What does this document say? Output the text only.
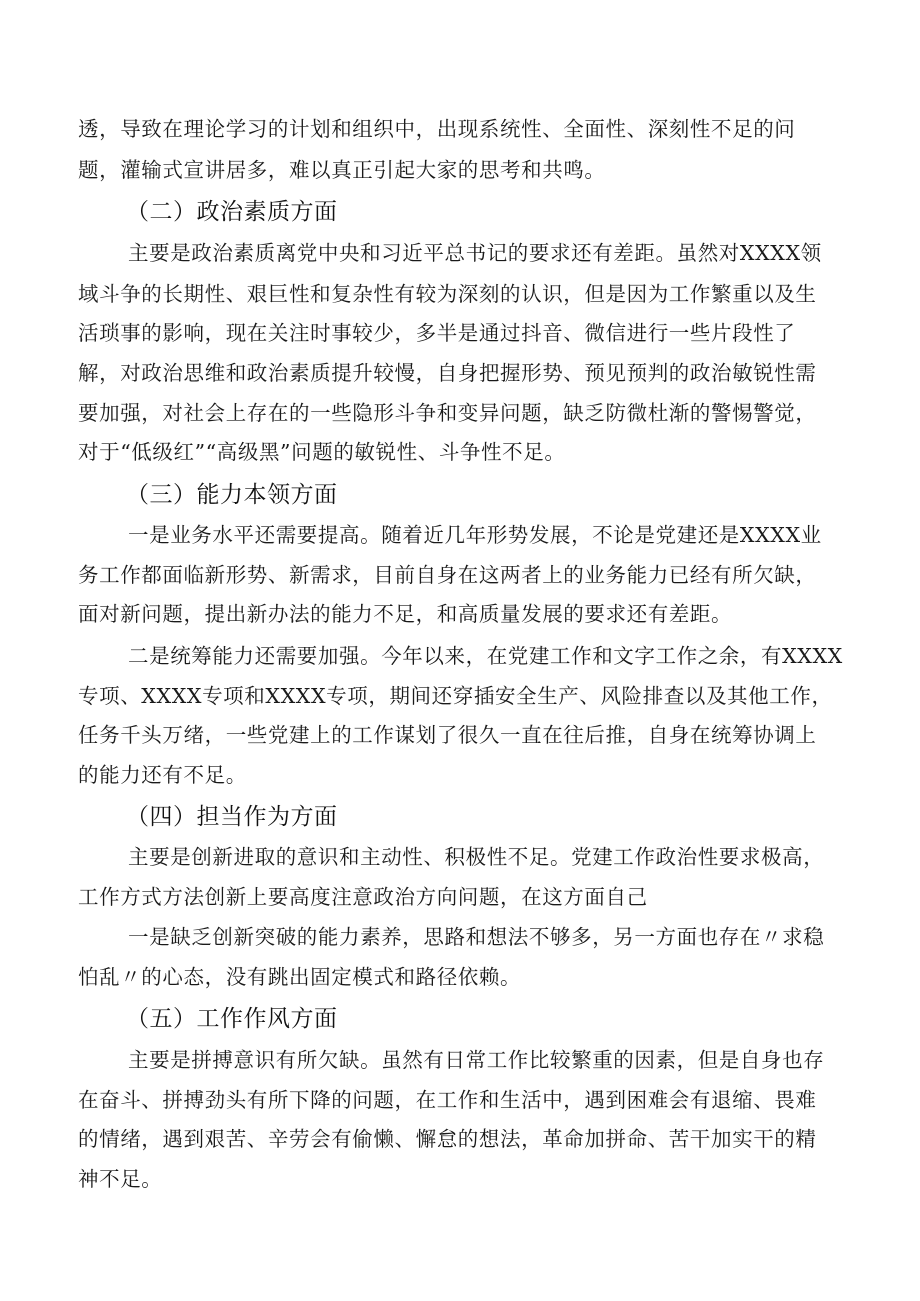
透，导致在理论学习的计划和组织中，出现系统性、全面性、深刻性不足的问
题，灌输式宣讲居多，难以真正引起大家的思考和共鸣。
（二）政治素质方面
主要是政治素质离党中央和习近平总书记的要求还有差距。虽然对XXXX领
域斗争的长期性、艰巨性和复杂性有较为深刻的认识，但是因为工作繁重以及生
活琐事的影响，现在关注时事较少，多半是通过抖音、微信进行一些片段性了
解，对政治思维和政治素质提升较慢，自身把握形势、预见预判的政治敏锐性需
要加强，对社会上存在的一些隐形斗争和变异问题，缺乏防微杜渐的警惕警觉，
对于“低级红”“高级黑”问题的敏锐性、斗争性不足。
（三）能力本领方面
一是业务水平还需要提高。随着近几年形势发展，不论是党建还是XXXX业
务工作都面临新形势、新需求，目前自身在这两者上的业务能力已经有所欠缺，
面对新问题，提出新办法的能力不足，和高质量发展的要求还有差距。
二是统筹能力还需要加强。今年以来，在党建工作和文字工作之余，有XXXX
专项、XXXX专项和XXXX专项，期间还穿插安全生产、风险排查以及其他工作，
任务千头万绪，一些党建上的工作谋划了很久一直在往后推，自身在统筹协调上
的能力还有不足。
（四）担当作为方面
主要是创新进取的意识和主动性、积极性不足。党建工作政治性要求极高，
工作方式方法创新上要高度注意政治方向问题，在这方面自己
一是缺乏创新突破的能力素养，思路和想法不够多，另一方面也存在〃求稳
怕乱〃的心态，没有跳出固定模式和路径依赖。
（五）工作作风方面
主要是拼搏意识有所欠缺。虽然有日常工作比较繁重的因素，但是自身也存
在奋斗、拼搏劲头有所下降的问题，在工作和生活中，遇到困难会有退缩、畏难
的情绪，遇到艰苦、辛劳会有偷懒、懈怠的想法，革命加拼命、苦干加实干的精
神不足。
